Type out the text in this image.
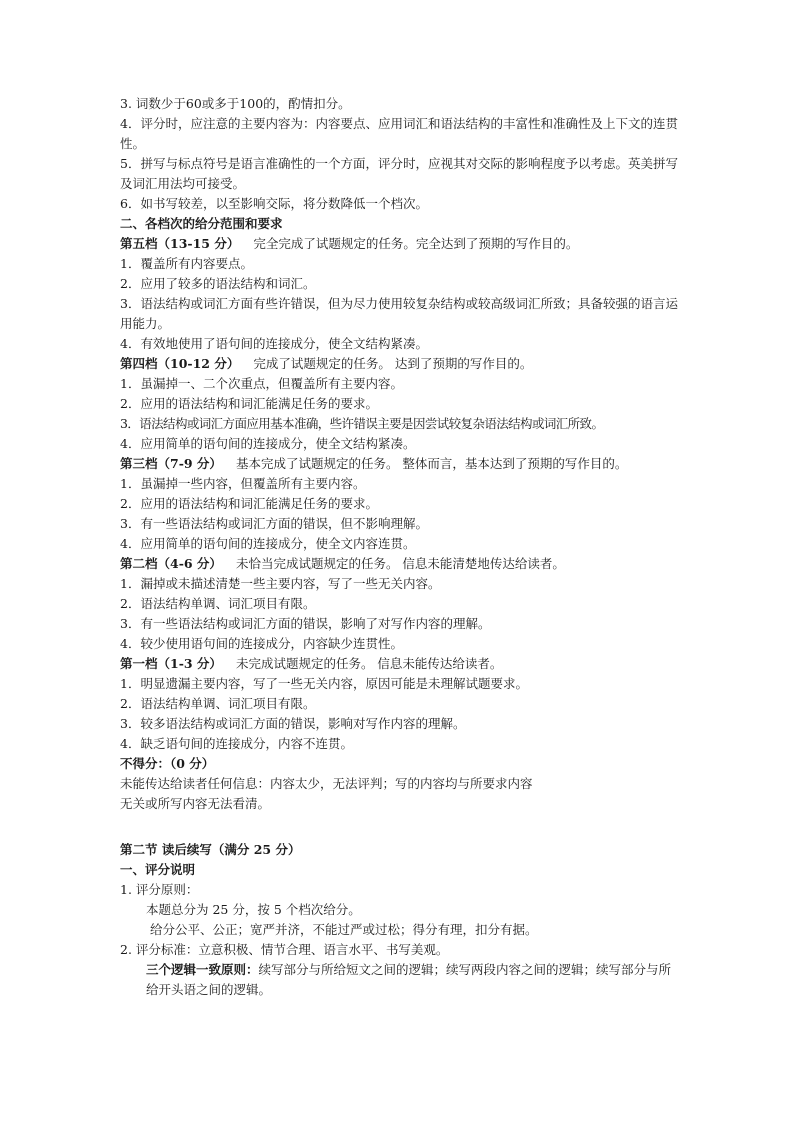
3. 词数少于60或多于100的，酌情扣分。
4．评分时，应注意的主要内容为：内容要点、应用词汇和语法结构的丰富性和准确性及上下文的连贯性。
5．拼写与标点符号是语言准确性的一个方面，评分时，应视其对交际的影响程度予以考虑。英美拼写及词汇用法均可接受。
6．如书写较差，以至影响交际，将分数降低一个档次。
二、各档次的给分范围和要求
第五档（13-15 分） 完全完成了试题规定的任务。完全达到了预期的写作目的。
1．覆盖所有内容要点。
2．应用了较多的语法结构和词汇。
3．语法结构或词汇方面有些许错误，但为尽力使用较复杂结构或较高级词汇所致；具备较强的语言运用能力。
4．有效地使用了语句间的连接成分，使全文结构紧凑。
第四档（10-12 分） 完成了试题规定的任务。 达到了预期的写作目的。
1．虽漏掉一、二个次重点，但覆盖所有主要内容。
2．应用的语法结构和词汇能满足任务的要求。
3．语法结构或词汇方面应用基本准确，些许错误主要是因尝试较复杂语法结构或词汇所致。
4．应用简单的语句间的连接成分，使全文结构紧凑。
第三档（7-9 分） 基本完成了试题规定的任务。 整体而言，基本达到了预期的写作目的。
1．虽漏掉一些内容，但覆盖所有主要内容。
2．应用的语法结构和词汇能满足任务的要求。
3．有一些语法结构或词汇方面的错误，但不影响理解。
4．应用简单的语句间的连接成分，使全文内容连贯。
第二档（4-6 分） 未恰当完成试题规定的任务。 信息未能清楚地传达给读者。
1．漏掉或未描述清楚一些主要内容，写了一些无关内容。
2．语法结构单调、词汇项目有限。
3．有一些语法结构或词汇方面的错误，影响了对写作内容的理解。
4．较少使用语句间的连接成分，内容缺少连贯性。
第一档（1-3 分） 未完成试题规定的任务。 信息未能传达给读者。
1．明显遗漏主要内容，写了一些无关内容，原因可能是未理解试题要求。
2．语法结构单调、词汇项目有限。
3．较多语法结构或词汇方面的错误，影响对写作内容的理解。
4．缺乏语句间的连接成分，内容不连贯。
不得分：（0 分）
未能传达给读者任何信息：内容太少，无法评判；写的内容均与所要求内容
无关或所写内容无法看清。
第二节 读后续写（满分 25 分）
一、评分说明
1. 评分原则：
本题总分为 25 分，按 5 个档次给分。
给分公平、公正；宽严并济，不能过严或过松；得分有理，扣分有据。
2. 评分标准：立意积极、情节合理、语言水平、书写美观。
三个逻辑一致原则：续写部分与所给短文之间的逻辑；续写两段内容之间的逻辑；续写部分与所给开头语之间的逻辑。
